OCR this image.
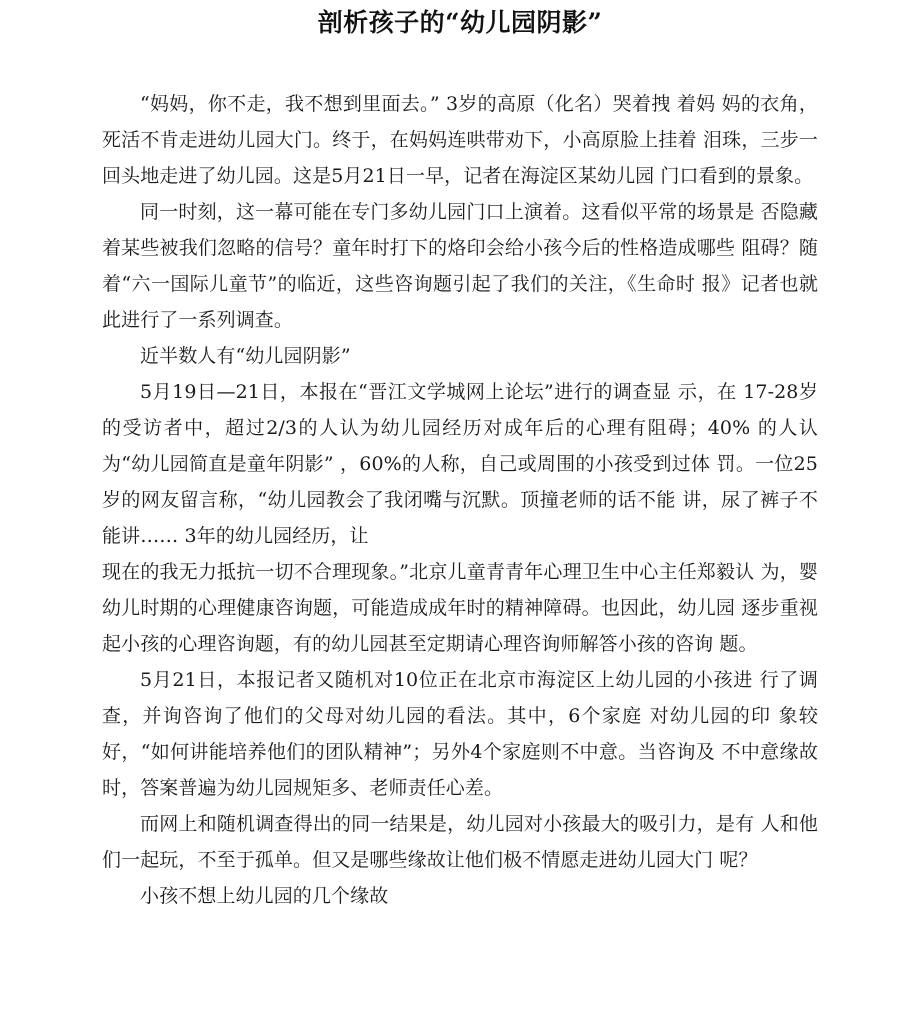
剖析孩子的“幼儿园阴影”

“妈妈，你不走，我不想到里面去。” 3岁的高原（化名）哭着拽 着妈 妈的衣角，死活不肯走进幼儿园大门。终于，在妈妈连哄带劝下，小高原脸上挂着 泪珠，三步一回头地走进了幼儿园。这是5月21日一早，记者在海淀区某幼儿园 门口看到的景象。

同一时刻，这一幕可能在专门多幼儿园门口上演着。这看似平常的场景是 否隐藏着某些被我们忽略的信号？童年时打下的烙印会给小孩今后的性格造成哪些 阻碍？随着“六一国际儿童节”的临近，这些咨询题引起了我们的关注，《生命时 报》记者也就此进行了一系列调查。

近半数人有“幼儿园阴影”

5月19日—21日，本报在“晋江文学城网上论坛”进行的调查显 示，在 17-28岁的受访者中，超过2/3的人认为幼儿园经历对成年后的心理有阻碍；40% 的人认为“幼儿园简直是童年阴影” ，60%的人称，自己或周围的小孩受到过体 罚。一位25岁的网友留言称，“幼儿园教会了我闭嘴与沉默。顶撞老师的话不能 讲，尿了裤子不能讲…… 3年的幼儿园经历，让

现在的我无力抵抗一切不合理现象。”北京儿童青青年心理卫生中心主任郑毅认 为，婴幼儿时期的心理健康咨询题，可能造成成年时的精神障碍。也因此，幼儿园 逐步重视起小孩的心理咨询题，有的幼儿园甚至定期请心理咨询师解答小孩的咨询 题。

5月21日，本报记者又随机对10位正在北京市海淀区上幼儿园的小孩进 行了调查，并询咨询了他们的父母对幼儿园的看法。其中，6个家庭 对幼儿园的印 象较好，“如何讲能培养他们的团队精神”；另外4个家庭则不中意。当咨询及 不中意缘故时，答案普遍为幼儿园规矩多、老师责任心差。

而网上和随机调查得出的同一结果是，幼儿园对小孩最大的吸引力，是有 人和他们一起玩，不至于孤单。但又是哪些缘故让他们极不情愿走进幼儿园大门 呢？

小孩不想上幼儿园的几个缘故
